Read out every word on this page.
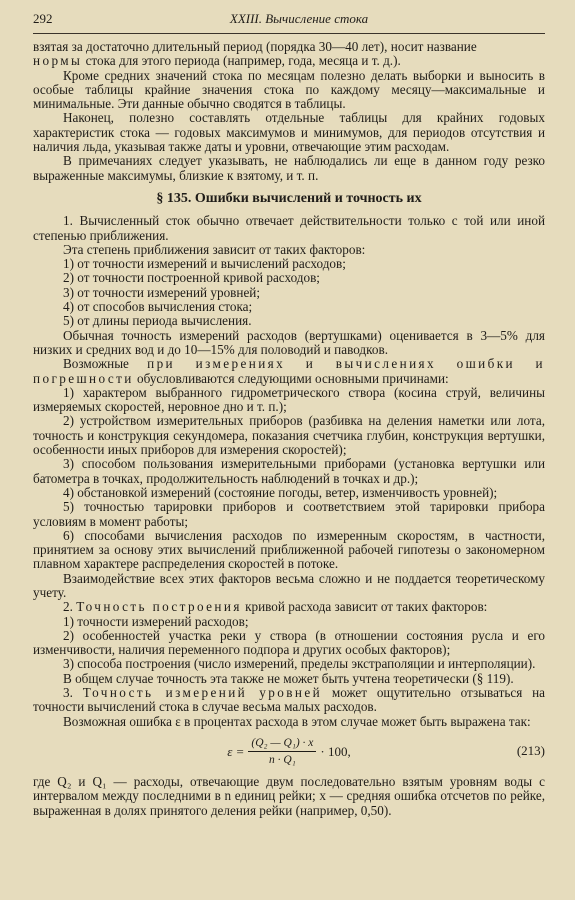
292	XXIII. Вычисление стока

взятая за достаточно длительный период (порядка 30—40 лет), носит название
нормы стока для этого периода (например, года, месяца и т. д.).

Кроме средних значений стока по месяцам полезно делать выборки и выносить в особые таблицы крайние значения стока по каждому месяцу—максимальные и минимальные. Эти данные обычно сводятся в таблицы.

Наконец, полезно составлять отдельные таблицы для крайних годовых характеристик стока — годовых максимумов и минимумов, для периодов отсутствия и наличия льда, указывая также даты и уровни, отвечающие этим расходам.

В примечаниях следует указывать, не наблюдались ли еще в данном году резко выраженные максимумы, близкие к взятому, и т. п.

§ 135. Ошибки вычислений и точность их

1. Вычисленный сток обычно отвечает действительности только с той или иной степенью приближения.

Эта степень приближения зависит от таких факторов:

1) от точности измерений и вычислений расходов;

2) от точности построенной кривой расходов;

3) от точности измерений уровней;

4) от способов вычисления стока;

5) от длины периода вычисления.

Обычная точность измерений расходов (вертушками) оценивается в 3—5% для низких и средних вод и до 10—15% для половодий и паводков.

Возможные при измерениях и вычислениях ошибки и погрешности обусловливаются следующими основными причинами:

1) характером выбранного гидрометрического створа (косина струй, величины измеряемых скоростей, неровное дно и т. п.);

2) устройством измерительных приборов (разбивка на деления наметки или лота, точность и конструкция секундомера, показания счетчика глубин, конструкция вертушки, особенности иных приборов для измерения скоростей);

3) способом пользования измерительными приборами (установка вертушки или батометра в точках, продолжительность наблюдений в точках и др.);

4) обстановкой измерений (состояние погоды, ветер, изменчивость уровней);

5) точностью тарировки приборов и соответствием этой тарировки прибора условиям в момент работы;

6) способами вычисления расходов по измеренным скоростям, в частности, принятием за основу этих вычислений приближенной рабочей гипотезы о закономерном плавном характере распределения скоростей в потоке.

Взаимодействие всех этих факторов весьма сложно и не поддается теоретическому учету.

2. Точность построения кривой расхода зависит от таких факторов:

1) точности измерений расходов;

2) особенностей участка реки у створа (в отношении состояния русла и его изменчивости, наличия переменного подпора и других особых факторов);

3) способа построения (число измерений, пределы экстраполяции и интерполяции).

В общем случае точность эта также не может быть учтена теоретически (§ 119).

3. Точность измерений уровней может ощутительно отзываться на точности вычислений стока в случае весьма малых расходов.

Возможная ошибка ε в процентах расхода в этом случае может быть выражена так:

$\varepsilon = \frac{\text{(Q₂ — Q₁) · x}}{\text{n · Q₁}} \cdot 100$,	(213)

где Q₂ и Q₁ — расходы, отвечающие двум последовательно взятым уровням воды с интервалом между последними в n единиц рейки; x — средняя ошибка отсчетов по рейке, выраженная в долях принятого деления рейки (например, 0,50).
